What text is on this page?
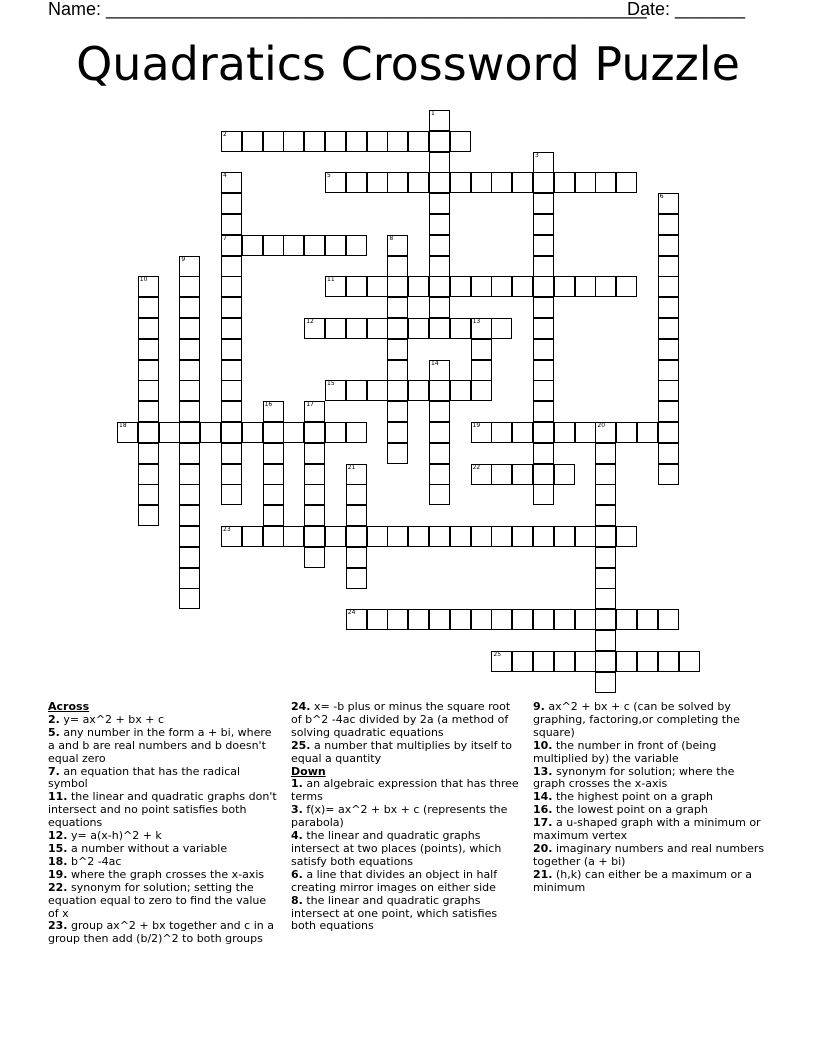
Name: ______________________________________________________
Date: _______
Quadratics Crossword Puzzle
1
2
3
4
7
5
6
8
9
10	11
12	13
14
15
16	17
18	19	20
21	22
23
24
25
Across
2. y= ax^2 + bx + c
5. any number in the form a + bi, where a and b are real numbers and b doesn't equal zero
7. an equation that has the radical symbol
11. the linear and quadratic graphs don't intersect and no point satisfies both equations
12. y= a(x-h)^2 + k
15. a number without a variable
18. b^2 -4ac
19. where the graph crosses the x-axis
22. synonym for solution; setting the equation equal to zero to find the value of x
23. group ax^2 + bx together and c in a group then add (b/2)^2 to both groups
24. x= -b plus or minus the square root of b^2 -4ac divided by 2a (a method of solving quadratic equations
25. a number that multiplies by itself to equal a quantity
Down
1. an algebraic expression that has three terms
3. f(x)= ax^2 + bx + c (represents the parabola)
4. the linear and quadratic graphs intersect at two places (points), which satisfy both equations
6. a line that divides an object in half creating mirror images on either side
8. the linear and quadratic graphs intersect at one point, which satisfies both equations
9. ax^2 + bx + c (can be solved by graphing, factoring,or completing the square)
10. the number in front of (being multiplied by) the variable
13. synonym for solution; where the graph crosses the x-axis
14. the highest point on a graph
16. the lowest point on a graph
17. a u-shaped graph with a minimum or maximum vertex
20. imaginary numbers and real numbers together (a + bi)
21. (h,k) can either be a maximum or a minimum
